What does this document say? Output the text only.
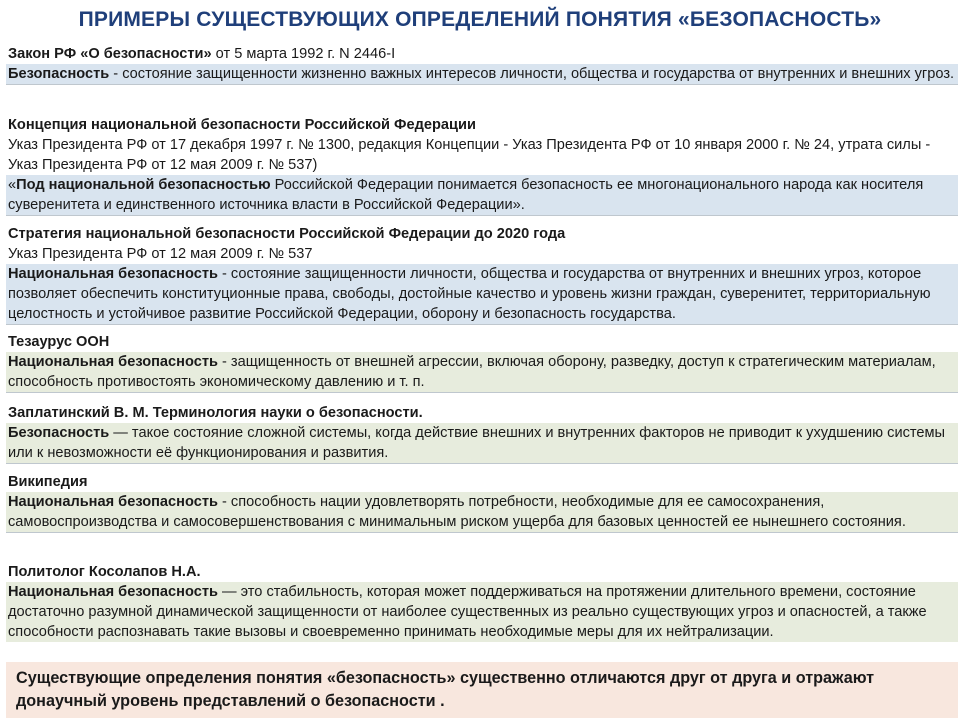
ПРИМЕРЫ СУЩЕСТВУЮЩИХ ОПРЕДЕЛЕНИЙ ПОНЯТИЯ «БЕЗОПАСНОСТЬ»
Закон РФ «О безопасности» от 5 марта 1992 г. N 2446-I
Безопасность - состояние защищенности жизненно важных интересов личности, общества и государства от внутренних и внешних угроз.
Концепция национальной безопасности Российской Федерации
Указ Президента РФ от 17 декабря 1997 г. № 1300, редакция Концепции - Указ Президента РФ от 10 января 2000 г. № 24, утрата силы - Указ Президента РФ от 12 мая 2009 г. № 537)
«Под национальной безопасностью Российской Федерации понимается безопасность ее многонационального народа как носителя суверенитета и единственного источника власти в Российской Федерации».
Стратегия национальной безопасности Российской Федерации до 2020 года
Указ Президента РФ от 12 мая 2009 г. № 537
Национальная безопасность - состояние защищенности личности, общества и государства от внутренних и внешних угроз, которое позволяет обеспечить конституционные права, свободы, достойные качество и уровень жизни граждан, суверенитет, территориальную целостность и устойчивое развитие Российской Федерации, оборону и безопасность государства.
Тезаурус ООН
Национальная безопасность - защищенность от внешней агрессии, включая оборону, разведку, доступ к стратегическим материалам, способность противостоять экономическому давлению и т. п.
Заплатинский В. М. Терминология науки о безопасности.
Безопасность — такое состояние сложной системы, когда действие внешних и внутренних факторов не приводит к ухудшению системы или к невозможности её функционирования и развития.
Википедия
Национальная безопасность - способность нации удовлетворять потребности, необходимые для ее самосохранения, самовоспроизводства и самосовершенствования с минимальным риском ущерба для базовых ценностей ее нынешнего состояния.
Политолог Косолапов Н.А.
Национальная безопасность — это стабильность, которая может поддерживаться на протяжении длительного времени, состояние достаточно разумной динамической защищенности от наиболее существенных из реально существующих угроз и опасностей, а также способности распознавать такие вызовы и своевременно принимать необходимые меры для их нейтрализации.
Существующие определения понятия «безопасность» существенно отличаются друг от друга и отражают донаучный уровень представлений о безопасности .
